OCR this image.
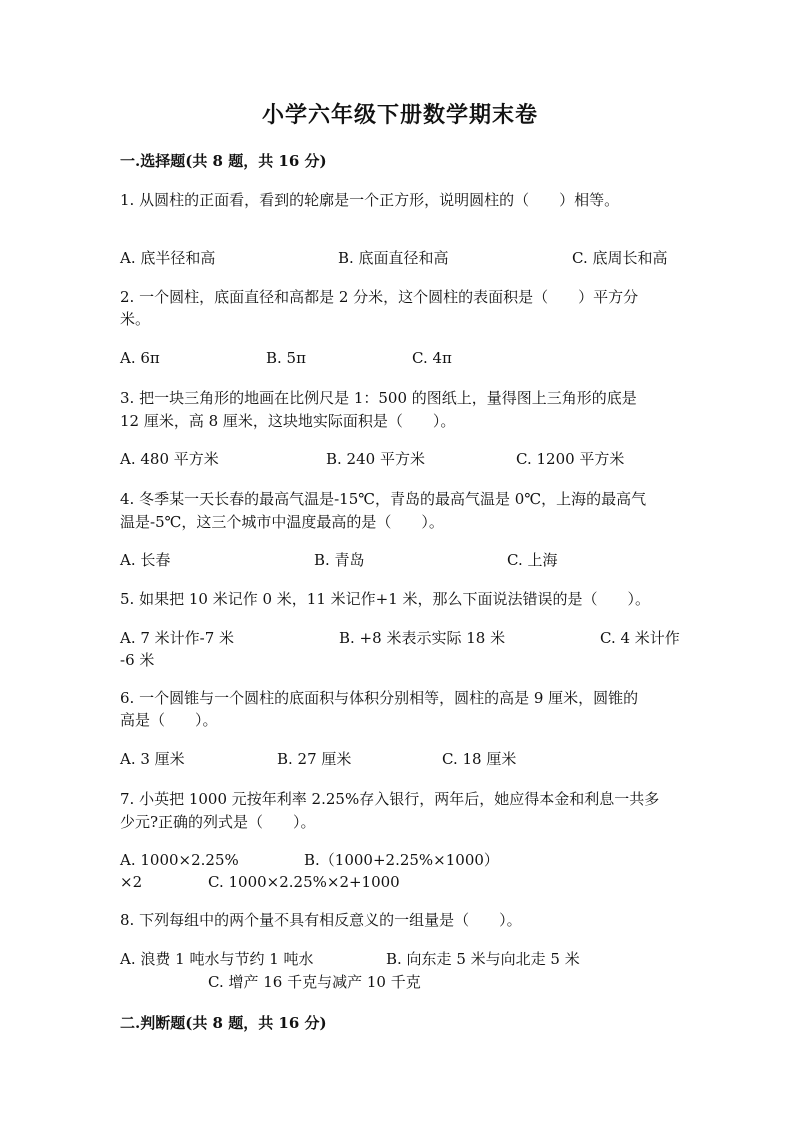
小学六年级下册数学期末卷
一.选择题(共 8 题，共 16 分)
1. 从圆柱的正面看，看到的轮廓是一个正方形，说明圆柱的（　　）相等。
A. 底半径和高	B. 底面直径和高	C. 底周长和高
2. 一个圆柱，底面直径和高都是 2 分米，这个圆柱的表面积是（　　）平方分
米。
A. 6π	B. 5π	C. 4π
3. 把一块三角形的地画在比例尺是 1：500 的图纸上，量得图上三角形的底是
12 厘米，高 8 厘米，这块地实际面积是（　　）。
A. 480 平方米	B. 240 平方米	C. 1200 平方米
4. 冬季某一天长春的最高气温是-15℃，青岛的最高气温是 0℃，上海的最高气
温是-5℃，这三个城市中温度最高的是（　　）。
A. 长春	B. 青岛	C. 上海
5. 如果把 10 米记作 0 米，11 米记作+1 米，那么下面说法错误的是（　　）。
A. 7 米计作-7 米	B. +8 米表示实际 18 米	C. 4 米计作
-6 米
6. 一个圆锥与一个圆柱的底面积与体积分别相等，圆柱的高是 9 厘米，圆锥的
高是（　　）。
A. 3 厘米	B. 27 厘米	C. 18 厘米
7. 小英把 1000 元按年利率 2.25%存入银行，两年后，她应得本金和利息一共多
少元?正确的列式是（　　）。
A. 1000×2.25%	B.（1000+2.25%×1000）
×2	C. 1000×2.25%×2+1000
8. 下列每组中的两个量不具有相反意义的一组量是（　　）。
A. 浪费 1 吨水与节约 1 吨水	B. 向东走 5 米与向北走 5 米
C. 增产 16 千克与减产 10 千克
二.判断题(共 8 题，共 16 分)
